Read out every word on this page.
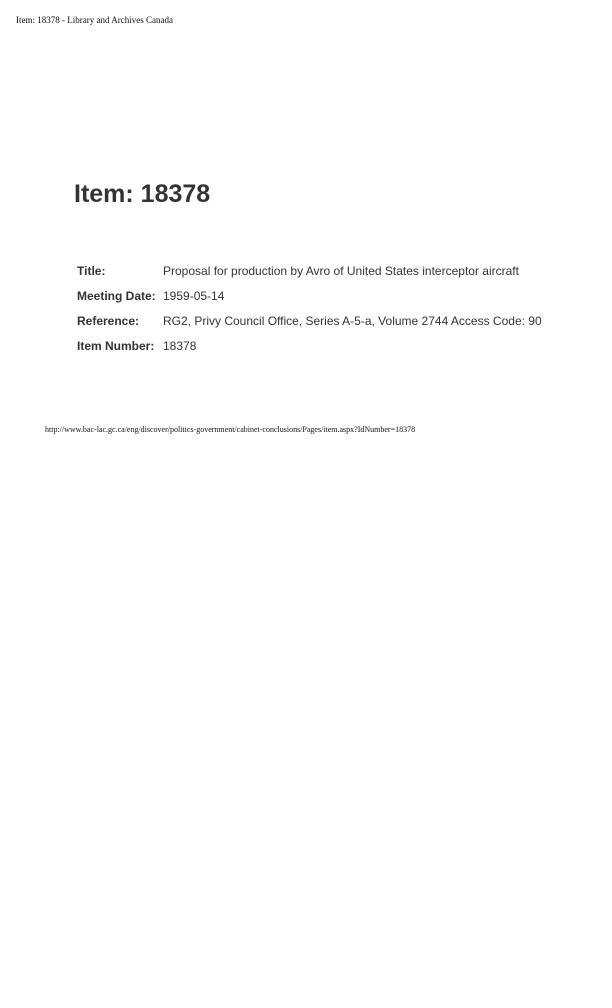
Item: 18378 - Library and Archives Canada
Item: 18378
Title:	Proposal for production by Avro of United States interceptor aircraft
Meeting Date: 1959-05-14
Reference:	RG2, Privy Council Office, Series A-5-a, Volume 2744 Access Code: 90
Item Number: 18378
http://www.bac-lac.gc.ca/eng/discover/politics-government/cabinet-conclusions/Pages/item.aspx?IdNumber=18378
